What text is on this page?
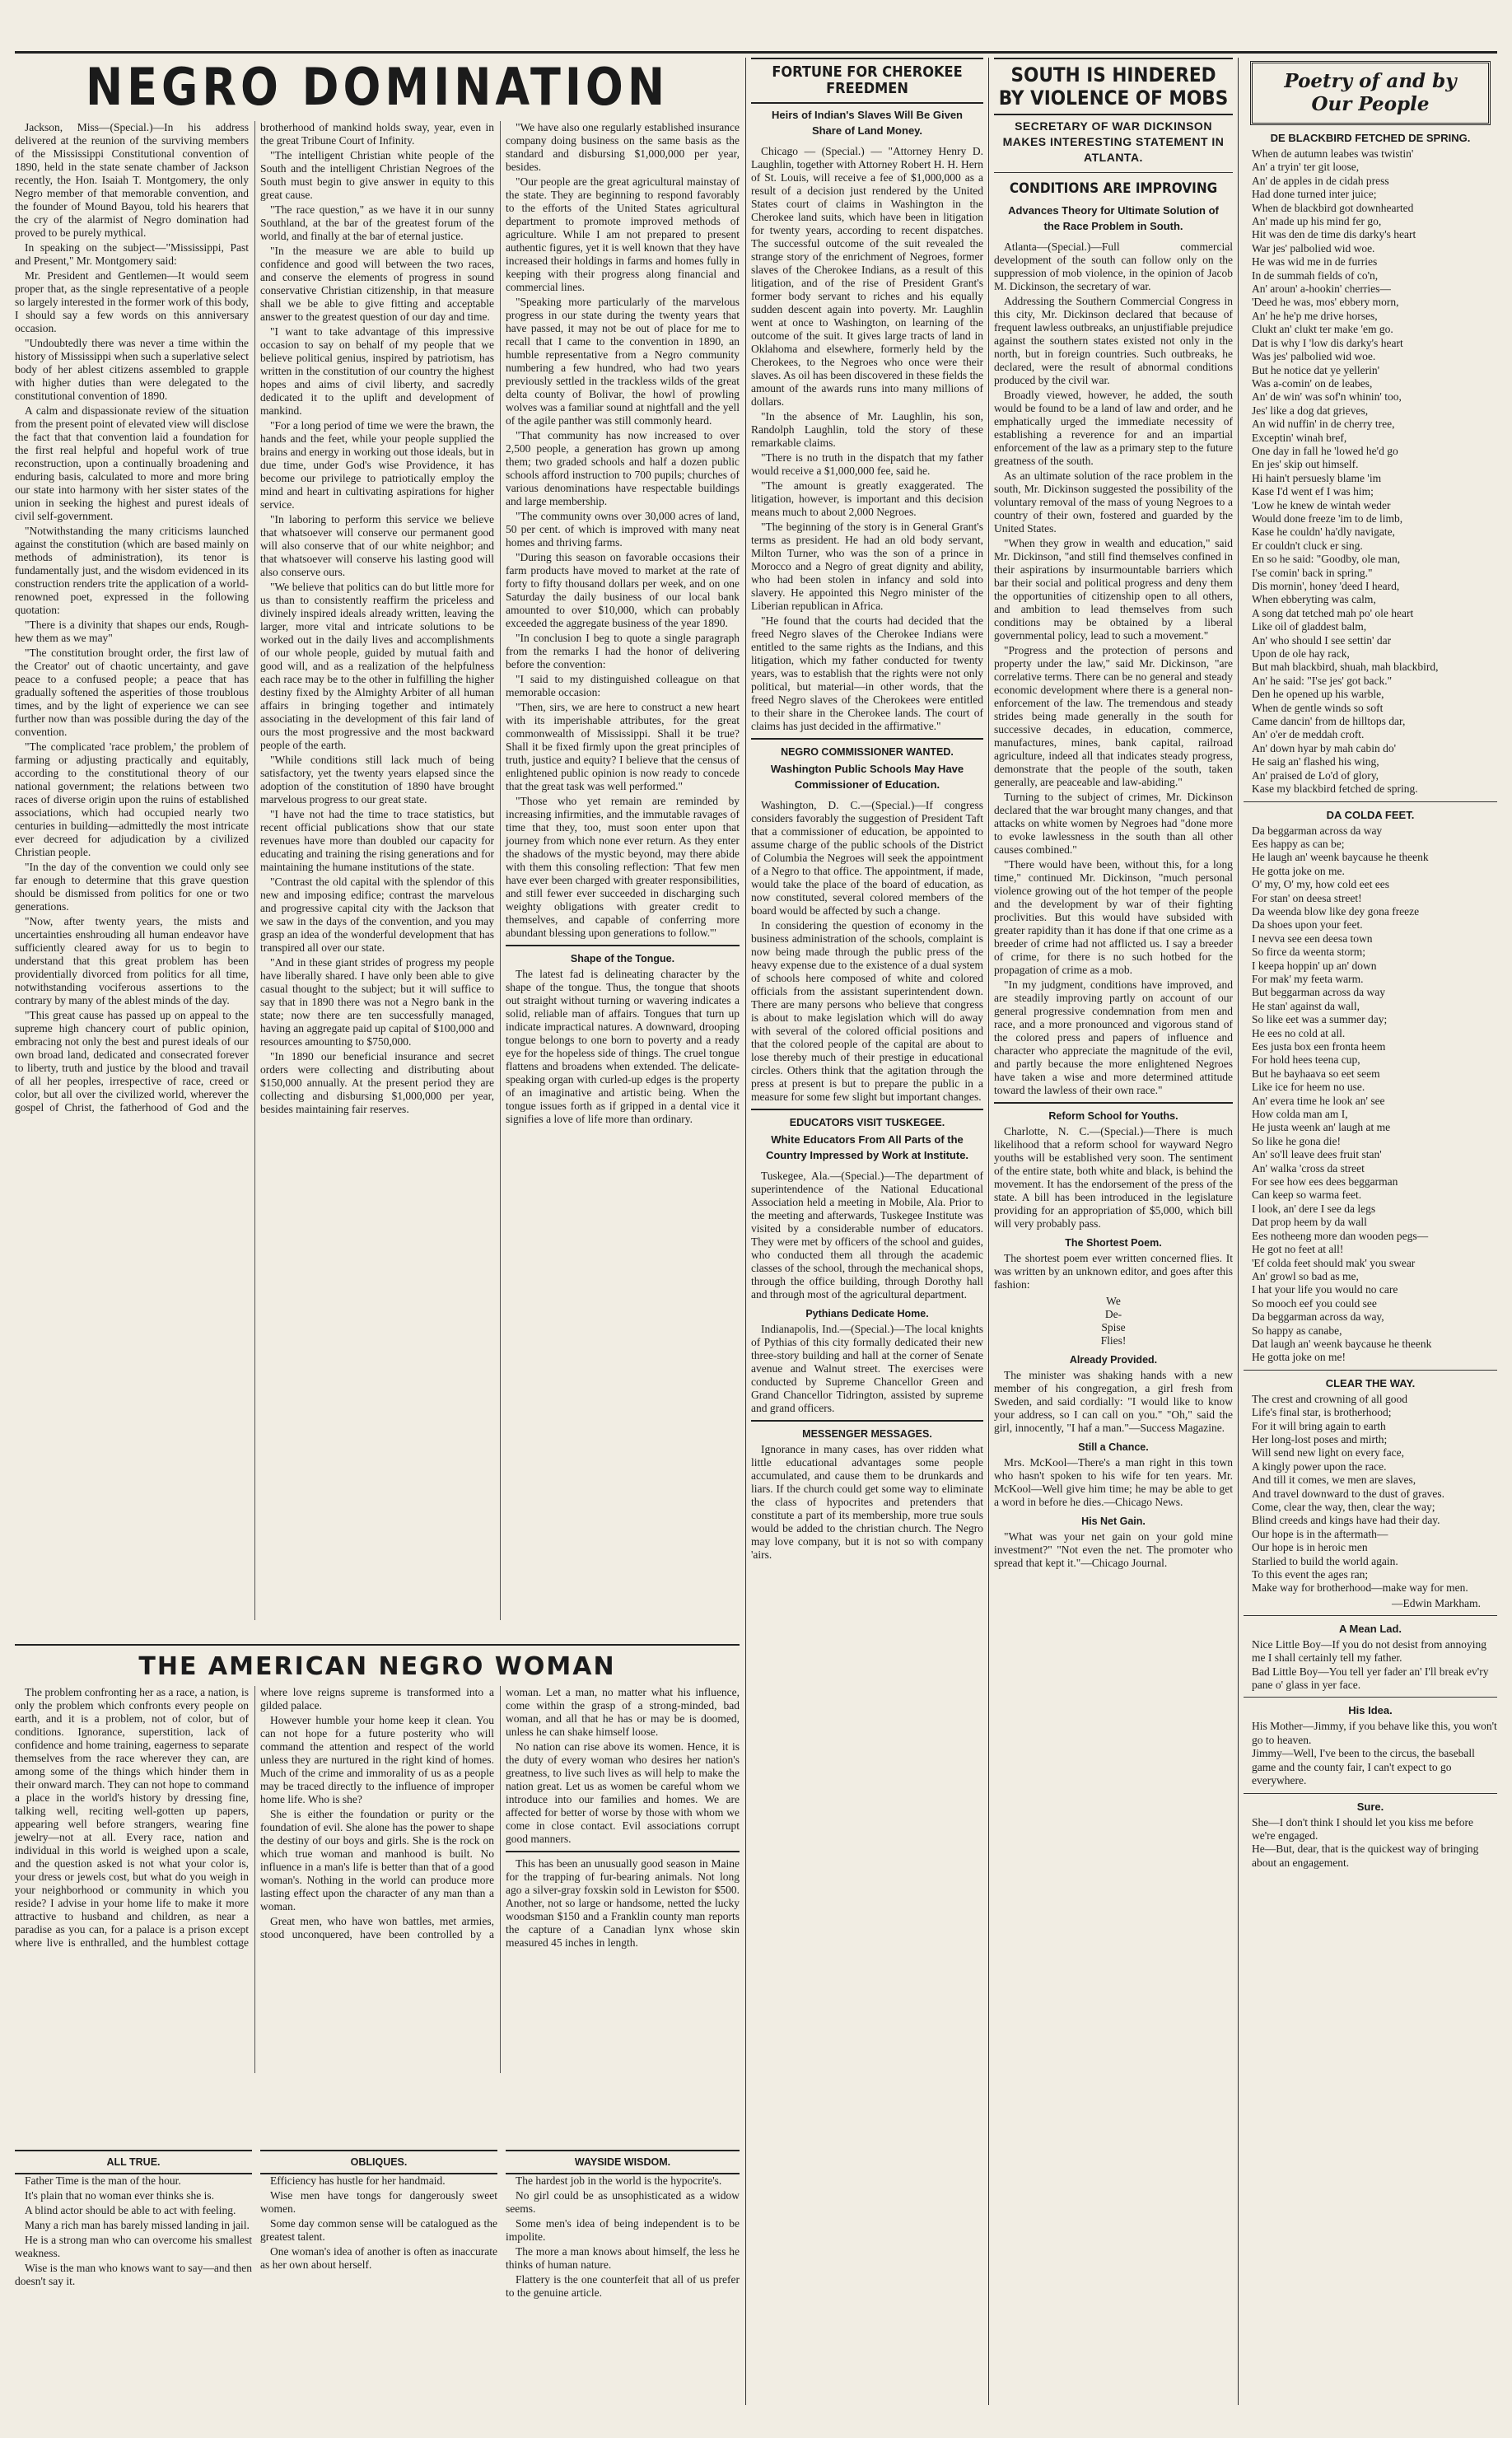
NEGRO DOMINATION

Jackson, Miss—(Special.)—In his address delivered at the reunion of the surviving members of the Mississippi Constitutional convention of 1890, held in the state senate chamber of Jackson recently, the Hon. Isaiah T. Montgomery, the only Negro member of that memorable convention, and the founder of Mound Bayou, told his hearers that the cry of the alarmist of Negro domination had proved to be purely mythical.

In speaking on the subject—"Mississippi, Past and Present," Mr. Montgomery said:

Mr. President and Gentlemen—It would seem proper that, as the single representative of a people so largely interested in the former work of this body, I should say a few words on this anniversary occasion.

"Undoubtedly there was never a time within the history of Mississippi when such a superlative select body of her ablest citizens assembled to grapple with higher duties than were delegated to the constitutional convention of 1890.

A calm and dispassionate review of the situation from the present point of elevated view will disclose the fact that that convention laid a foundation for the first real helpful and hopeful work of true reconstruction, upon a continually broadening and enduring basis, calculated to more and more bring our state into harmony with her sister states of the union in seeking the highest and purest ideals of civil self-government.

"Notwithstanding the many criticisms launched against the constitution (which are based mainly on methods of administration), its tenor is fundamentally just, and the wisdom evidenced in its construction renders trite the application of a world-renowned poet, expressed in the following quotation:

"There is a divinity that shapes our ends, Rough-hew them as we may"

"The constitution brought order, the first law of the Creator' out of chaotic uncertainty, and gave peace to a confused people; a peace that has gradually softened the asperities of those troublous times, and by the light of experience we can see further now than was possible during the day of the convention.

"The complicated 'race problem,' the problem of farming or adjusting practically and equitably, according to the constitutional theory of our national government; the relations between two races of diverse origin upon the ruins of established associations, which had occupied nearly two centuries in building—admittedly the most intricate ever decreed for adjudication by a civilized Christian people.

"In the day of the convention we could only see far enough to determine that this grave question should be dismissed from politics for one or two generations.

"Now, after twenty years, the mists and uncertainties enshrouding all human endeavor have sufficiently cleared away for us to begin to understand that this great problem has been providentially divorced from politics for all time, notwithstanding vociferous assertions to the contrary by many of the ablest minds of the day.

"This great cause has passed up on appeal to the supreme high chancery court of public opinion, embracing not only the best and purest ideals of our own broad land, dedicated and consecrated forever to liberty, truth and justice by the blood and travail of all her peoples, irrespective of race, creed or color, but all over the civilized world, wherever the gospel of Christ, the fatherhood of God and the brotherhood of mankind holds sway, year, even in the great Tribune Court of Infinity.

"The intelligent Christian white people of the South and the intelligent Christian Negroes of the South must begin to give answer in equity to this great cause.

"The race question," as we have it in our sunny Southland, at the bar of the greatest forum of the world, and finally at the bar of eternal justice.

"In the measure we are able to build up confidence and good will between the two races, and conserve the elements of progress in sound conservative Christian citizenship, in that measure shall we be able to give fitting and acceptable answer to the greatest question of our day and time.

"I want to take advantage of this impressive occasion to say on behalf of my people that we believe political genius, inspired by patriotism, has written in the constitution of our country the highest hopes and aims of civil liberty, and sacredly dedicated it to the uplift and development of mankind.

"For a long period of time we were the brawn, the hands and the feet, while your people supplied the brains and energy in working out those ideals, but in due time, under God's wise Providence, it has become our privilege to patriotically employ the mind and heart in cultivating aspirations for higher service.

"In laboring to perform this service we believe that whatsoever will conserve our permanent good will also conserve that of our white neighbor; and that whatsoever will conserve his lasting good will also conserve ours.

"We believe that politics can do but little more for us than to consistently reaffirm the priceless and divinely inspired ideals already written, leaving the larger, more vital and intricate solutions to be worked out in the daily lives and accomplishments of our whole people, guided by mutual faith and good will, and as a realization of the helpfulness each race may be to the other in fulfilling the higher destiny fixed by the Almighty Arbiter of all human affairs in bringing together and intimately associating in the development of this fair land of ours the most progressive and the most backward people of the earth.

"While conditions still lack much of being satisfactory, yet the twenty years elapsed since the adoption of the constitution of 1890 have brought marvelous progress to our great state.

"I have not had the time to trace statistics, but recent official publications show that our state revenues have more than doubled our capacity for educating and training the rising generations and for maintaining the humane institutions of the state.

"Contrast the old capital with the splendor of this new and imposing edifice; contrast the marvelous and progressive capital city with the Jackson that we saw in the days of the convention, and you may grasp an idea of the wonderful development that has transpired all over our state.

"And in these giant strides of progress my people have liberally shared. I have only been able to give casual thought to the subject; but it will suffice to say that in 1890 there was not a Negro bank in the state; now there are ten successfully managed, having an aggregate paid up capital of $100,000 and resources amounting to $750,000.

"In 1890 our beneficial insurance and secret orders were collecting and distributing about $150,000 annually. At the present period they are collecting and disbursing $1,000,000 per year, besides maintaining fair reserves.

"We have also one regularly established insurance company doing business on the same basis as the standard and disbursing $1,000,000 per year, besides.

"Our people are the great agricultural mainstay of the state. They are beginning to respond favorably to the efforts of the United States agricultural department to promote improved methods of agriculture. While I am not prepared to present authentic figures, yet it is well known that they have increased their holdings in farms and homes fully in keeping with their progress along financial and commercial lines.

"Speaking more particularly of the marvelous progress in our state during the twenty years that have passed, it may not be out of place for me to recall that I came to the convention in 1890, an humble representative from a Negro community numbering a few hundred, who had two years previously settled in the trackless wilds of the great delta county of Bolivar, the howl of prowling wolves was a familiar sound at nightfall and the yell of the agile panther was still commonly heard.

"That community has now increased to over 2,500 people, a generation has grown up among them; two graded schools and half a dozen public schools afford instruction to 700 pupils; churches of various denominations have respectable buildings and large membership.

"The community owns over 30,000 acres of land, 50 per cent. of which is improved with many neat homes and thriving farms.

"During this season on favorable occasions their farm products have moved to market at the rate of forty to fifty thousand dollars per week, and on one Saturday the daily business of our local bank amounted to over $10,000, which can probably exceeded the aggregate business of the year 1890.

"In conclusion I beg to quote a single paragraph from the remarks I had the honor of delivering before the convention:

"I said to my distinguished colleague on that memorable occasion:

"Then, sirs, we are here to construct a new heart with its imperishable attributes, for the great commonwealth of Mississippi. Shall it be true? Shall it be fixed firmly upon the great principles of truth, justice and equity? I believe that the census of enlightened public opinion is now ready to concede that the great task was well performed."

"Those who yet remain are reminded by increasing infirmities, and the immutable ravages of time that they, too, must soon enter upon that journey from which none ever return. As they enter the shadows of the mystic beyond, may there abide with them this consoling reflection: 'That few men have ever been charged with greater responsibilities, and still fewer ever succeeded in discharging such weighty obligations with greater credit to themselves, and capable of conferring more abundant blessing upon generations to follow.'"

Shape of the Tongue.

The latest fad is delineating character by the shape of the tongue. Thus, the tongue that shoots out straight without turning or wavering indicates a solid, reliable man of affairs. Tongues that turn up indicate impractical natures. A downward, drooping tongue belongs to one born to poverty and a ready eye for the hopeless side of things. The cruel tongue flattens and broadens when extended. The delicate-speaking organ with curled-up edges is the property of an imaginative and artistic being. When the tongue issues forth as if gripped in a dental vice it signifies a love of life more than ordinary.

THE AMERICAN NEGRO WOMAN

The problem confronting her as a race, a nation, is only the problem which confronts every people on earth, and it is a problem, not of color, but of conditions. Ignorance, superstition, lack of confidence and home training, eagerness to separate themselves from the race wherever they can, are among some of the things which hinder them in their onward march. They can not hope to command a place in the world's history by dressing fine, talking well, reciting well-gotten up papers, appearing well before strangers, wearing fine jewelry—not at all. Every race, nation and individual in this world is weighed upon a scale, and the question asked is not what your color is, your dress or jewels cost, but what do you weigh in your neighborhood or community in which you reside? I advise in your home life to make it more attractive to husband and children, as near a paradise as you can, for a palace is a prison except where live is enthralled, and the humblest cottage where love reigns supreme is transformed into a gilded palace.

However humble your home keep it clean. You can not hope for a future posterity who will command the attention and respect of the world unless they are nurtured in the right kind of homes. Much of the crime and immorality of us as a people may be traced directly to the influence of improper home life. Who is she?

She is either the foundation or purity or the foundation of evil. She alone has the power to shape the destiny of our boys and girls. She is the rock on which true woman and manhood is built. No influence in a man's life is better than that of a good woman's. Nothing in the world can produce more lasting effect upon the character of any man than a woman.

Great men, who have won battles, met armies, stood unconquered, have been controlled by a woman. Let a man, no matter what his influence, come within the grasp of a strong-minded, bad woman, and all that he has or may be is doomed, unless he can shake himself loose.

No nation can rise above its women. Hence, it is the duty of every woman who desires her nation's greatness, to live such lives as will help to make the nation great. Let us as women be careful whom we introduce into our families and homes. We are affected for better of worse by those with whom we come in close contact. Evil associations corrupt good manners.

This has been an unusually good season in Maine for the trapping of fur-bearing animals. Not long ago a silver-gray foxskin sold in Lewiston for $500. Another, not so large or handsome, netted the lucky woodsman $150 and a Franklin county man reports the capture of a Canadian lynx whose skin measured 45 inches in length.

ALL TRUE.

Father Time is the man of the hour.

It's plain that no woman ever thinks she is.

A blind actor should be able to act with feeling.

Many a rich man has barely missed landing in jail.

He is a strong man who can overcome his smallest weakness.

Wise is the man who knows want to say—and then doesn't say it.

OBLIQUES.

Efficiency has hustle for her handmaid.

Wise men have tongs for dangerously sweet women.

Some day common sense will be catalogued as the greatest talent.

One woman's idea of another is often as inaccurate as her own about herself.

WAYSIDE WISDOM.

The hardest job in the world is the hypocrite's.

No girl could be as unsophisticated as a widow seems.

Some men's idea of being independent is to be impolite.

The more a man knows about himself, the less he thinks of human nature.

Flattery is the one counterfeit that all of us prefer to the genuine article.

FORTUNE FOR CHEROKEE FREEDMEN
Heirs of Indian's Slaves Will Be Given Share of Land Money.

Chicago — (Special.) — "Attorney Henry D. Laughlin, together with Attorney Robert H. H. Hern of St. Louis, will receive a fee of $1,000,000 as a result of a decision just rendered by the United States court of claims in Washington in the Cherokee land suits, which have been in litigation for twenty years, according to recent dispatches. The successful outcome of the suit revealed the strange story of the enrichment of Negroes, former slaves of the Cherokee Indians, as a result of this litigation, and of the rise of President Grant's former body servant to riches and his equally sudden descent again into poverty. Mr. Laughlin went at once to Washington, on learning of the outcome of the suit. It gives large tracts of land in Oklahoma and elsewhere, formerly held by the Cherokees, to the Negroes who once were their slaves. As oil has been discovered in these fields the amount of the awards runs into many millions of dollars.

"In the absence of Mr. Laughlin, his son, Randolph Laughlin, told the story of these remarkable claims.

"There is no truth in the dispatch that my father would receive a $1,000,000 fee, said he.

"The amount is greatly exaggerated. The litigation, however, is important and this decision means much to about 2,000 Negroes.

"The beginning of the story is in General Grant's terms as president. He had an old body servant, Milton Turner, who was the son of a prince in Morocco and a Negro of great dignity and ability, who had been stolen in infancy and sold into slavery. He appointed this Negro minister of the Liberian republican in Africa.

"He found that the courts had decided that the freed Negro slaves of the Cherokee Indians were entitled to the same rights as the Indians, and this litigation, which my father conducted for twenty years, was to establish that the rights were not only political, but material—in other words, that the freed Negro slaves of the Cherokees were entitled to their share in the Cherokee lands. The court of claims has just decided in the affirmative."

NEGRO COMMISSIONER WANTED.
Washington Public Schools May Have Commissioner of Education.

Washington, D. C.—(Special.)—If congress considers favorably the suggestion of President Taft that a commissioner of education, be appointed to assume charge of the public schools of the District of Columbia the Negroes will seek the appointment of a Negro to that office. The appointment, if made, would take the place of the board of education, as now constituted, several colored members of the board would be affected by such a change.

In considering the question of economy in the business administration of the schools, complaint is now being made through the public press of the heavy expense due to the existence of a dual system of schools here composed of white and colored officials from the assistant superintendent down. There are many persons who believe that congress is about to make legislation which will do away with several of the colored official positions and that the colored people of the capital are about to lose thereby much of their prestige in educational circles. Others think that the agitation through the press at present is but to prepare the public in a measure for some few slight but important changes.

EDUCATORS VISIT TUSKEGEE.
White Educators From All Parts of the Country Impressed by Work at Institute.

Tuskegee, Ala.—(Special.)—The department of superintendence of the National Educational Association held a meeting in Mobile, Ala. Prior to the meeting and afterwards, Tuskegee Institute was visited by a considerable number of educators. They were met by officers of the school and guides, who conducted them all through the academic classes of the school, through the mechanical shops, through the office building, through Dorothy hall and through most of the agricultural department.

Pythians Dedicate Home.

Indianapolis, Ind.—(Special.)—The local knights of Pythias of this city formally dedicated their new three-story building and hall at the corner of Senate avenue and Walnut street. The exercises were conducted by Supreme Chancellor Green and Grand Chancellor Tidrington, assisted by supreme and grand officers.

MESSENGER MESSAGES.

Ignorance in many cases, has over ridden what little educational advantages some people accumulated, and cause them to be drunkards and liars. If the church could get some way to eliminate the class of hypocrites and pretenders that constitute a part of its membership, more true souls would be added to the christian church. The Negro may love company, but it is not so with company 'airs.

SOUTH IS HINDERED
BY VIOLENCE OF MOBS
SECRETARY OF WAR DICKINSON MAKES INTERESTING STATEMENT IN ATLANTA.
CONDITIONS ARE IMPROVING
Advances Theory for Ultimate Solution of the Race Problem in South.

Atlanta—(Special.)—Full commercial development of the south can follow only on the suppression of mob violence, in the opinion of Jacob M. Dickinson, the secretary of war.

Addressing the Southern Commercial Congress in this city, Mr. Dickinson declared that because of frequent lawless outbreaks, an unjustifiable prejudice against the southern states existed not only in the north, but in foreign countries. Such outbreaks, he declared, were the result of abnormal conditions produced by the civil war.

Broadly viewed, however, he added, the south would be found to be a land of law and order, and he emphatically urged the immediate necessity of establishing a reverence for and an impartial enforcement of the law as a primary step to the future greatness of the south.

As an ultimate solution of the race problem in the south, Mr. Dickinson suggested the possibility of the voluntary removal of the mass of young Negroes to a country of their own, fostered and guarded by the United States.

"When they grow in wealth and education," said Mr. Dickinson, "and still find themselves confined in their aspirations by insurmountable barriers which bar their social and political progress and deny them the opportunities of citizenship open to all others, and ambition to lead themselves from such conditions may be obtained by a liberal governmental policy, lead to such a movement."

"Progress and the protection of persons and property under the law," said Mr. Dickinson, "are correlative terms. There can be no general and steady economic development where there is a general non-enforcement of the law. The tremendous and steady strides being made generally in the south for successive decades, in education, commerce, manufactures, mines, bank capital, railroad agriculture, indeed all that indicates steady progress, demonstrate that the people of the south, taken generally, are peaceable and law-abiding."

Turning to the subject of crimes, Mr. Dickinson declared that the war brought many changes, and that attacks on white women by Negroes had "done more to evoke lawlessness in the south than all other causes combined."

"There would have been, without this, for a long time," continued Mr. Dickinson, "much personal violence growing out of the hot temper of the people and the development by war of their fighting proclivities. But this would have subsided with greater rapidity than it has done if that one crime as a breeder of crime had not afflicted us. I say a breeder of crime, for there is no such hotbed for the propagation of crime as a mob.

"In my judgment, conditions have improved, and are steadily improving partly on account of our general progressive condemnation from men and race, and a more pronounced and vigorous stand of the colored press and papers of influence and character who appreciate the magnitude of the evil, and partly because the more enlightened Negroes have taken a wise and more determined attitude toward the lawless of their own race."

Reform School for Youths.

Charlotte, N. C.—(Special.)—There is much likelihood that a reform school for wayward Negro youths will be established very soon. The sentiment of the entire state, both white and black, is behind the movement. It has the endorsement of the press of the state. A bill has been introduced in the legislature providing for an appropriation of $5,000, which bill will very probably pass.

The Shortest Poem.

The shortest poem ever written concerned flies. It was written by an unknown editor, and goes after this fashion:

We
De-
Spise
Flies!
Already Provided.

The minister was shaking hands with a new member of his congregation, a girl fresh from Sweden, and said cordially: "I would like to know your address, so I can call on you." "Oh," said the girl, innocently, "I haf a man."—Success Magazine.

Still a Chance.

Mrs. McKool—There's a man right in this town who hasn't spoken to his wife for ten years. Mr. McKool—Well give him time; he may be able to get a word in before he dies.—Chicago News.

His Net Gain.

"What was your net gain on your gold mine investment?" "Not even the net. The promoter who spread that kept it."—Chicago Journal.

Poetry of and by
Our People
DE BLACKBIRD FETCHED DE SPRING.
When de autumn leabes was twistin'
An' a tryin' ter git loose,
An' de apples in de cidah press
Had done turned inter juice;
When de blackbird got downhearted
An' made up his mind fer go,
Hit was den de time dis darky's heart
War jes' palbolied wid woe.
He was wid me in de furries
In de summah fields of co'n,
An' aroun' a-hookin' cherries—
'Deed he was, mos' ebbery morn,
An' he he'p me drive horses,
Clukt an' clukt ter make 'em go.
Dat is why I 'low dis darky's heart
Was jes' palbolied wid woe.
But he notice dat ye yellerin'
Was a-comin' on de leabes,
An' de win' was sof'n whinin' too,
Jes' like a dog dat grieves,
An wid nuffin' in de cherry tree,
Exceptin' winah bref,
One day in fall he 'lowed he'd go
En jes' skip out himself.
Hi hain't persuesly blame 'im
Kase I'd went ef I was him;
'Low he knew de wintah weder
Would done freeze 'im to de limb,
Kase he couldn' ha'dly navigate,
Er couldn't cluck er sing.
En so he said: "Goodby, ole man,
I'se comin' back in spring."
Dis mornin', honey 'deed I heard,
When ebberyting was calm,
A song dat tetched mah po' ole heart
Like oil of gladdest balm,
An' who should I see settin' dar
Upon de ole hay rack,
But mah blackbird, shuah, mah blackbird,
An' he said: "I'se jes' got back."
Den he opened up his warble,
When de gentle winds so soft
Came dancin' from de hilltops dar,
An' o'er de meddah croft.
An' down hyar by mah cabin do'
He saig an' flashed his wing,
An' praised de Lo'd of glory,
Kase my blackbird fetched de spring.
DA COLDA FEET.
Da beggarman across da way
Ees happy as can be;
He laugh an' weenk baycause he theenk
He gotta joke on me.
O' my, O' my, how cold eet ees
For stan' on deesa street!
Da weenda blow like dey gona freeze
Da shoes upon your feet.
I nevva see een deesa town
So firce da weenta storm;
I keepa hoppin' up an' down
For mak' my feeta warm.
But beggarman across da way
He stan' against da wall,
So like eet was a summer day;
He ees no cold at all.
Ees justa box een fronta heem
For hold hees teena cup,
But he bayhaava so eet seem
Like ice for heem no use.
An' evera time he look an' see
How colda man am I,
He justa weenk an' laugh at me
So like he gona die!
An' so'll leave dees fruit stan'
An' walka 'cross da street
For see how ees dees beggarman
Can keep so warma feet.
I look, an' dere I see da legs
Dat prop heem by da wall
Ees notheeng more dan wooden pegs—
He got no feet at all!
'Ef colda feet should mak' you swear
An' growl so bad as me,
I hat your life you would no care
So mooch eef you could see
Da beggarman across da way,
So happy as canabe,
Dat laugh an' weenk baycause he theenk
He gotta joke on me!
CLEAR THE WAY.
The crest and crowning of all good
Life's final star, is brotherhood;
For it will bring again to earth
Her long-lost poses and mirth;
Will send new light on every face,
A kingly power upon the race.
And till it comes, we men are slaves,
And travel downward to the dust of graves.
Come, clear the way, then, clear the way;
Blind creeds and kings have had their day.
Our hope is in the aftermath—
Our hope is in heroic men
Starlied to build the world again.
To this event the ages ran;
Make way for brotherhood—make way for men.
—Edwin Markham.
A Mean Lad.
Nice Little Boy—If you do not desist from annoying me I shall certainly tell my father.
Bad Little Boy—You tell yer fader an' I'll break ev'ry pane o' glass in yer face.
His Idea.
His Mother—Jimmy, if you behave like this, you won't go to heaven.
Jimmy—Well, I've been to the circus, the baseball game and the county fair, I can't expect to go everywhere.
Sure.
She—I don't think I should let you kiss me before we're engaged.
He—But, dear, that is the quickest way of bringing about an engagement.
